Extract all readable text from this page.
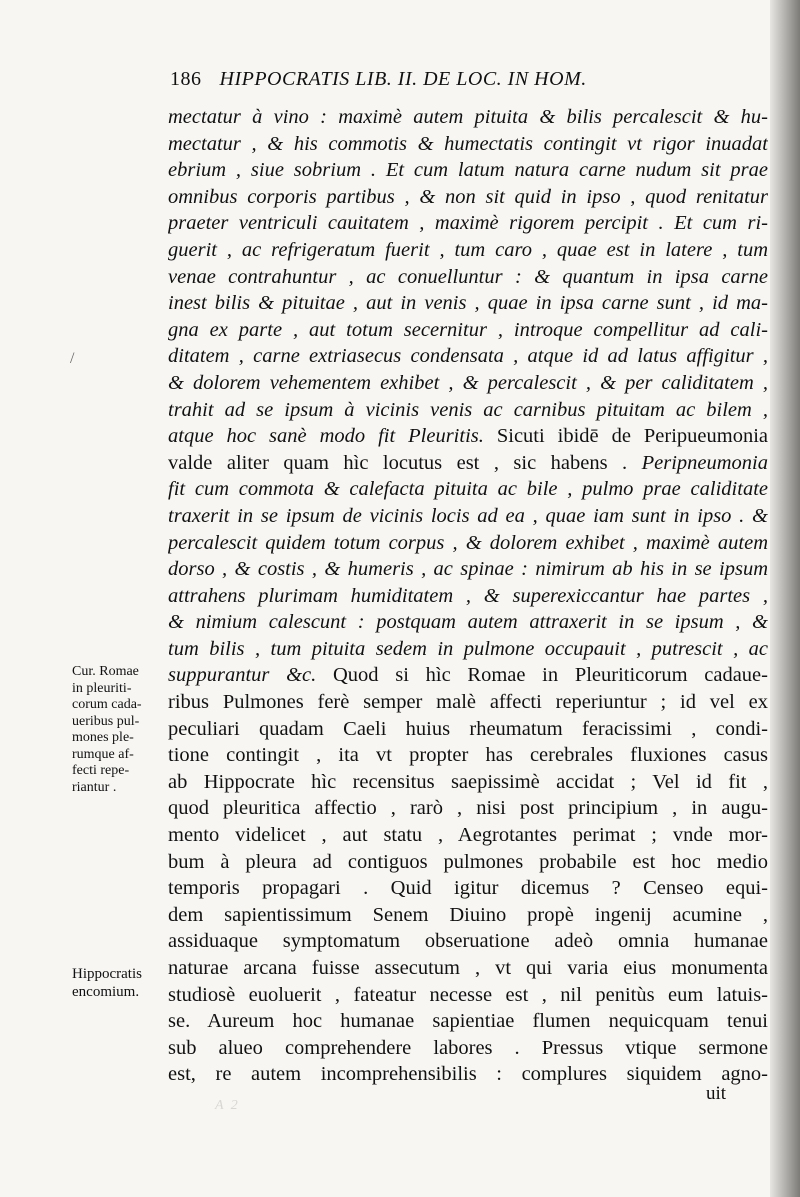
186 HIPPOCRATIS LIB. II. DE LOC. IN HOM.
/
mectatur à vino : maximè autem pituita & bilis percalescit & hu-
mectatur , & his commotis & humectatis contingit vt rigor inuadat
ebrium , siue sobrium . Et cum latum natura carne nudum sit prae
omnibus corporis partibus , & non sit quid in ipso , quod renitatur
praeter ventriculi cauitatem , maximè rigorem percipit . Et cum ri-
guerit , ac refrigeratum fuerit , tum caro , quae est in latere , tum
venae contrahuntur , ac conuelluntur : & quantum in ipsa carne
inest bilis & pituitae , aut in venis , quae in ipsa carne sunt , id ma-
gna ex parte , aut totum secernitur , introque compellitur ad cali-
ditatem , carne extriasecus condensata , atque id ad latus affigitur ,
& dolorem vehementem exhibet , & percalescit , & per caliditatem ,
trahit ad se ipsum à vicinis venis ac carnibus pituitam ac bilem ,
atque hoc sanè modo fit Pleuritis. Sicuti ibidē de Peripueumonia
valde aliter quam hìc locutus est , sic habens . Peripneumonia
fit cum commota & calefacta pituita ac bile , pulmo prae caliditate
traxerit in se ipsum de vicinis locis ad ea , quae iam sunt in ipso . &
percalescit quidem totum corpus , & dolorem exhibet , maximè autem
dorso , & costis , & humeris , ac spinae : nimirum ab his in se ipsum
attrahens plurimam humiditatem , & superexiccantur hae partes ,
& nimium calescunt : postquam autem attraxerit in se ipsum , &
tum bilis , tum pituita sedem in pulmone occupauit , putrescit , ac
suppurantur &c. Quod si hìc Romae in Pleuriticorum cadaue-
ribus Pulmones ferè semper malè affecti reperiuntur ; id vel ex
peculiari quadam Caeli huius rheumatum feracissimi , condi-
tione contingit , ita vt propter has cerebrales fluxiones casus
ab Hippocrate hìc recensitus saepissimè accidat ; Vel id fit ,
quod pleuritica affectio , rarò , nisi post principium , in augu-
mento videlicet , aut statu , Aegrotantes perimat ; vnde mor-
bum à pleura ad contiguos pulmones probabile est hoc medio
temporis propagari . Quid igitur dicemus ? Censeo equi-
dem sapientissimum Senem Diuino propè ingenij acumine ,
assiduaque symptomatum obseruatione adeò omnia humanae
naturae arcana fuisse assecutum , vt qui varia eius monumenta
studiosè euoluerit , fateatur necesse est , nil penitùs eum latuis-
se. Aureum hoc humanae sapientiae flumen nequicquam tenui
sub alueo comprehendere labores . Pressus vtique sermone
est, re autem incomprehensibilis : complures siquidem agno-
Cur. Romae
in pleuriti-
corum cada-
ueribus pul-
mones ple-
rumque af-
fecti repe-
riantur .
Hippocratis
encomium.
uit
A 2
